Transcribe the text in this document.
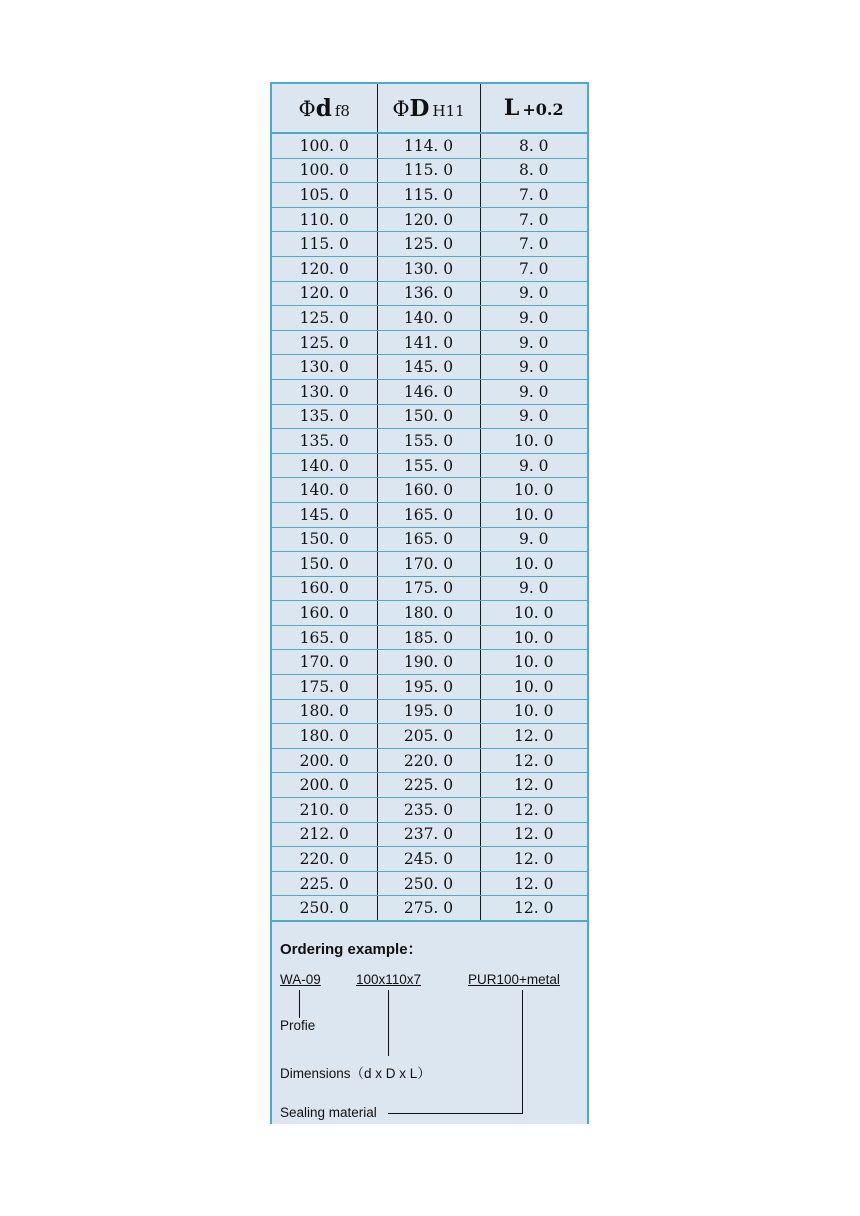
Φd f8	ΦD H11	L +0.2
100. 0	114. 0	8. 0
100. 0	115. 0	8. 0
105. 0	115. 0	7. 0
110. 0	120. 0	7. 0
115. 0	125. 0	7. 0
120. 0	130. 0	7. 0
120. 0	136. 0	9. 0
125. 0	140. 0	9. 0
125. 0	141. 0	9. 0
130. 0	145. 0	9. 0
130. 0	146. 0	9. 0
135. 0	150. 0	9. 0
135. 0	155. 0	10. 0
140. 0	155. 0	9. 0
140. 0	160. 0	10. 0
145. 0	165. 0	10. 0
150. 0	165. 0	9. 0
150. 0	170. 0	10. 0
160. 0	175. 0	9. 0
160. 0	180. 0	10. 0
165. 0	185. 0	10. 0
170. 0	190. 0	10. 0
175. 0	195. 0	10. 0
180. 0	195. 0	10. 0
180. 0	205. 0	12. 0
200. 0	220. 0	12. 0
200. 0	225. 0	12. 0
210. 0	235. 0	12. 0
212. 0	237. 0	12. 0
220. 0	245. 0	12. 0
225. 0	250. 0	12. 0
250. 0	275. 0	12. 0
Ordering example：
WA-09	100x110x7	PUR100+metal
Profie
Dimensions（d x D x L）
Sealing material
